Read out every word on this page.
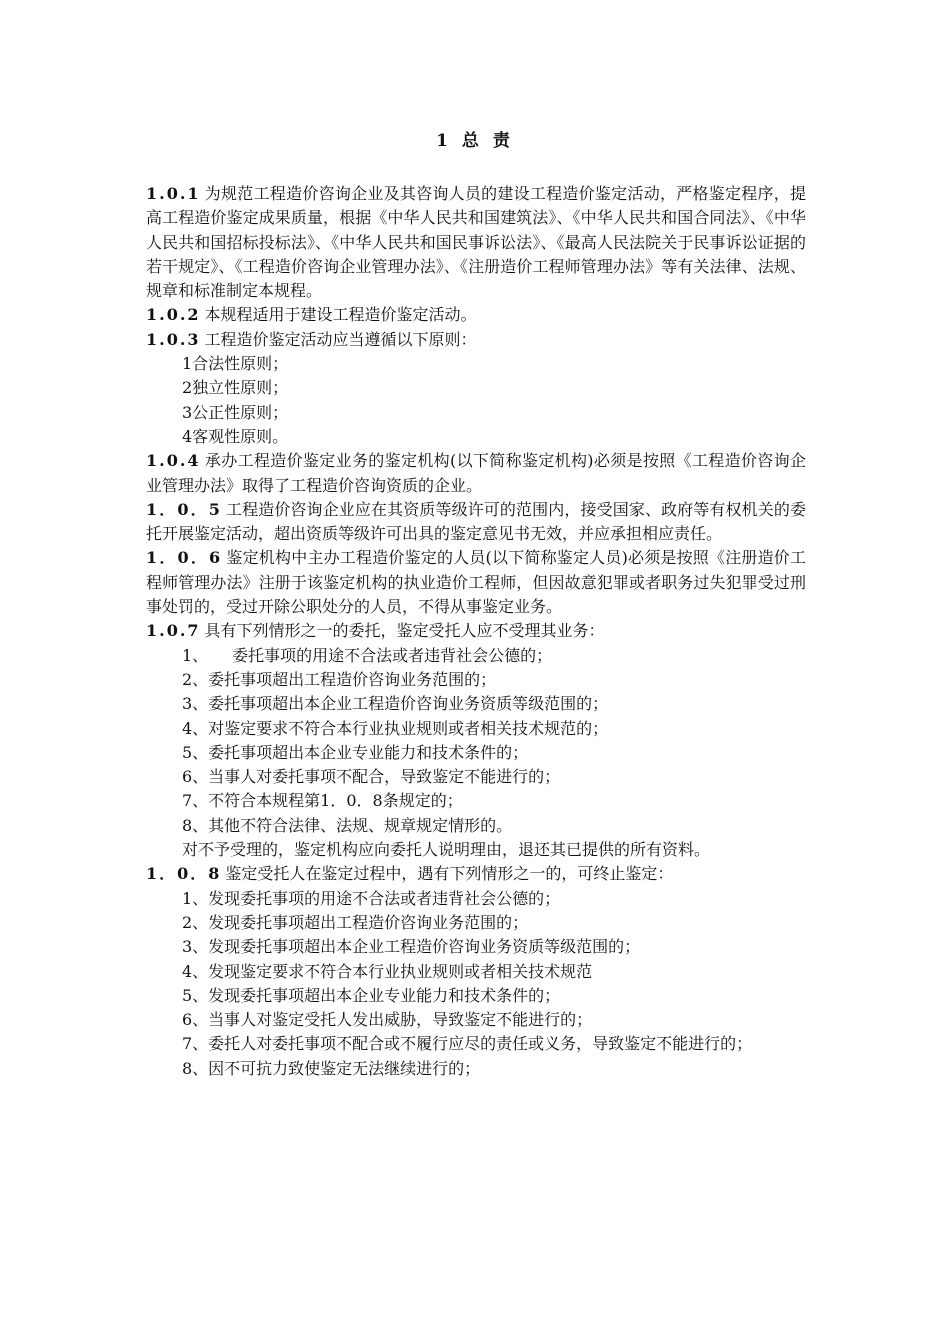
1 总 责

1.0.1 为规范工程造价咨询企业及其咨询人员的建设工程造价鉴定活动，严格鉴定程序，提高工程造价鉴定成果质量，根据《中华人民共和国建筑法》、《中华人民共和国合同法》、《中华人民共和国招标投标法》、《中华人民共和国民事诉讼法》、《最高人民法院关于民事诉讼证据的若干规定》、《工程造价咨询企业管理办法》、《注册造价工程师管理办法》等有关法律、法规、规章和标准制定本规程。

1.0.2 本规程适用于建设工程造价鉴定活动。

1.0.3 工程造价鉴定活动应当遵循以下原则：

1合法性原则；

2独立性原则；

3公正性原则；

4客观性原则。

1.0.4 承办工程造价鉴定业务的鉴定机构(以下简称鉴定机构)必须是按照《工程造价咨询企业管理办法》取得了工程造价咨询资质的企业。

1．0．5 工程造价咨询企业应在其资质等级许可的范围内，接受国家、政府等有权机关的委托开展鉴定活动，超出资质等级许可出具的鉴定意见书无效，并应承担相应责任。

1．0．6 鉴定机构中主办工程造价鉴定的人员(以下简称鉴定人员)必须是按照《注册造价工程师管理办法》注册于该鉴定机构的执业造价工程师，但因故意犯罪或者职务过失犯罪受过刑事处罚的，受过开除公职处分的人员，不得从事鉴定业务。

1.0.7 具有下列情形之一的委托，鉴定受托人应不受理其业务：

1、　　委托事项的用途不合法或者违背社会公德的；

2、委托事项超出工程造价咨询业务范围的；

3、委托事项超出本企业工程造价咨询业务资质等级范围的；

4、对鉴定要求不符合本行业执业规则或者相关技术规范的；

5、委托事项超出本企业专业能力和技术条件的；

6、当事人对委托事项不配合，导致鉴定不能进行的；

7、不符合本规程第1．0．8条规定的；

8、其他不符合法律、法规、规章规定情形的。

对不予受理的，鉴定机构应向委托人说明理由，退还其已提供的所有资料。

1．0．8 鉴定受托人在鉴定过程中，遇有下列情形之一的，可终止鉴定：

1、发现委托事项的用途不合法或者违背社会公德的；

2、发现委托事项超出工程造价咨询业务范围的；

3、发现委托事项超出本企业工程造价咨询业务资质等级范围的；

4、发现鉴定要求不符合本行业执业规则或者相关技术规范

5、发现委托事项超出本企业专业能力和技术条件的；

6、当事人对鉴定受托人发出威胁，导致鉴定不能进行的；

7、委托人对委托事项不配合或不履行应尽的责任或义务，导致鉴定不能进行的；

8、因不可抗力致使鉴定无法继续进行的；
